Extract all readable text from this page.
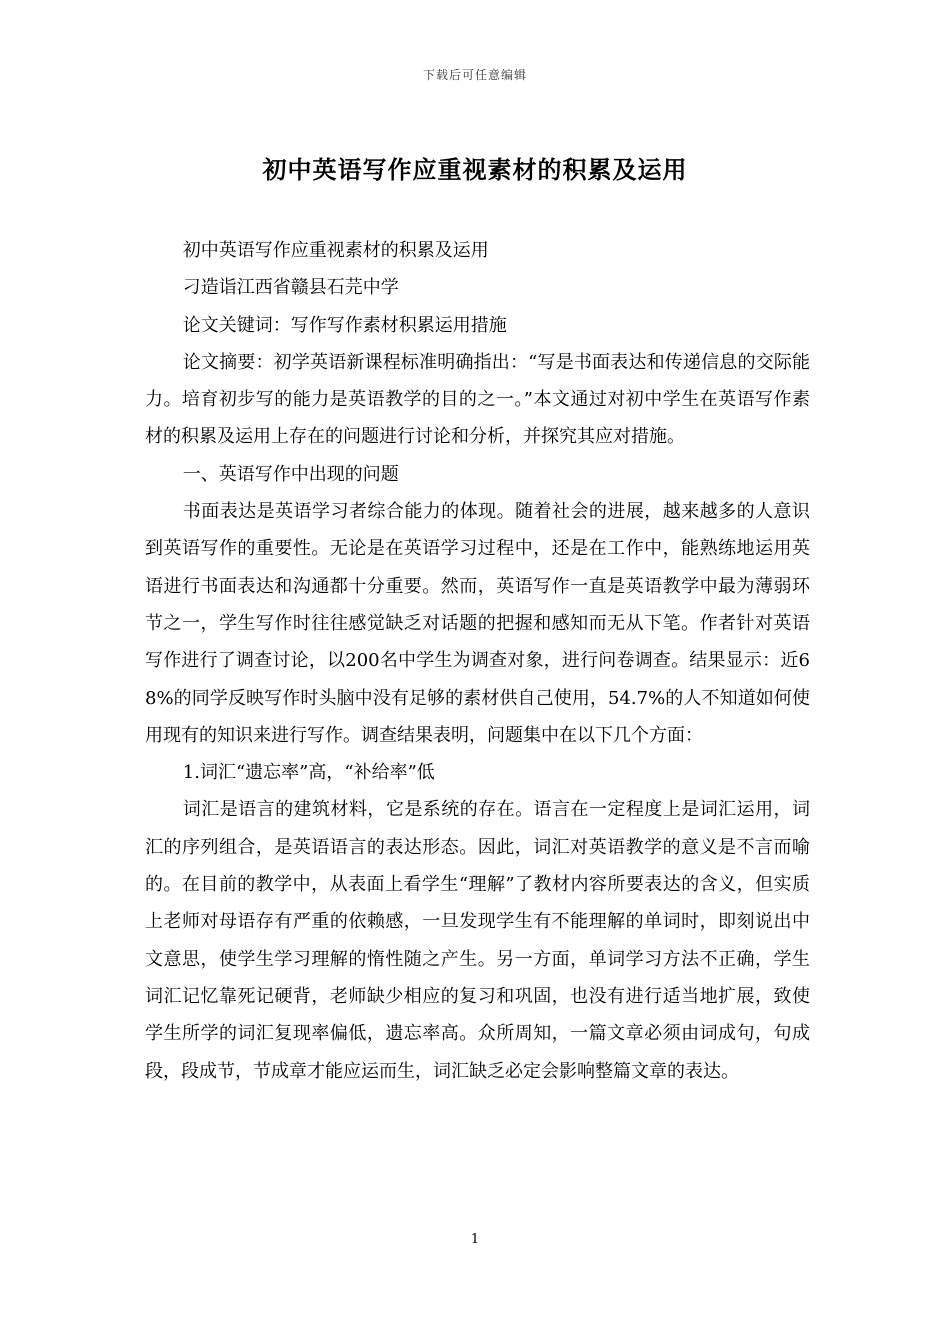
下载后可任意编辑
初中英语写作应重视素材的积累及运用

初中英语写作应重视素材的积累及运用

刁造诣江西省赣县石芫中学

论文关键词：写作写作素材积累运用措施

论文摘要：初学英语新课程标准明确指出：“写是书面表达和传递信息的交际能力。培育初步写的能力是英语教学的目的之一。”本文通过对初中学生在英语写作素材的积累及运用上存在的问题进行讨论和分析，并探究其应对措施。

一、英语写作中出现的问题

书面表达是英语学习者综合能力的体现。随着社会的进展，越来越多的人意识到英语写作的重要性。无论是在英语学习过程中，还是在工作中，能熟练地运用英语进行书面表达和沟通都十分重要。然而，英语写作一直是英语教学中最为薄弱环节之一，学生写作时往往感觉缺乏对话题的把握和感知而无从下笔。作者针对英语写作进行了调查讨论，以200名中学生为调查对象，进行问卷调查。结果显示：近68%的同学反映写作时头脑中没有足够的素材供自己使用，54.7%的人不知道如何使用现有的知识来进行写作。调查结果表明，问题集中在以下几个方面：

1.词汇“遗忘率”高，“补给率”低

词汇是语言的建筑材料，它是系统的存在。语言在一定程度上是词汇运用，词汇的序列组合，是英语语言的表达形态。因此，词汇对英语教学的意义是不言而喻的。在目前的教学中，从表面上看学生“理解”了教材内容所要表达的含义，但实质上老师对母语存有严重的依赖感，一旦发现学生有不能理解的单词时，即刻说出中文意思，使学生学习理解的惰性随之产生。另一方面，单词学习方法不正确，学生词汇记忆靠死记硬背，老师缺少相应的复习和巩固，也没有进行适当地扩展，致使学生所学的词汇复现率偏低，遗忘率高。众所周知，一篇文章必须由词成句，句成段，段成节，节成章才能应运而生，词汇缺乏必定会影响整篇文章的表达。

1
